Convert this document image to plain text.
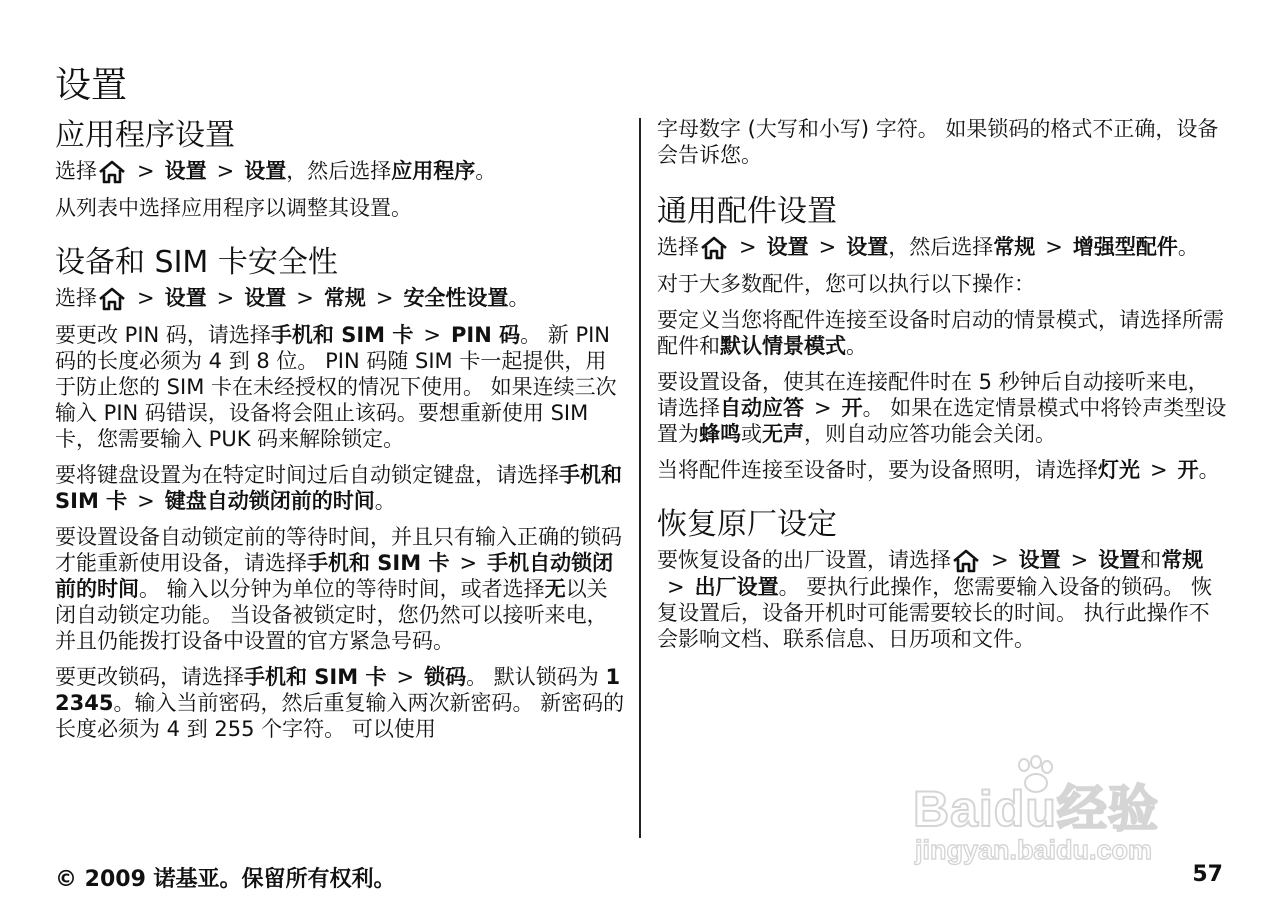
设置
应用程序设置

选择 > 设置 > 设置，然后选择应用程序。

从列表中选择应用程序以调整其设置。

设备和 SIM 卡安全性

选择 > 设置 > 设置 > 常规 > 安全性设置。

要更改 PIN 码，请选择手机和 SIM 卡 > PIN 码。 新 PIN 码的长度必须为 4 到 8 位。 PIN 码随 SIM 卡一起提供，用于防止您的 SIM 卡在未经授权的情况下使用。 如果连续三次输入 PIN 码错误，设备将会阻止该码。要想重新使用 SIM 卡，您需要输入 PUK 码来解除锁定。

要将键盘设置为在特定时间过后自动锁定键盘，请选择手机和 SIM 卡 > 键盘自动锁闭前的时间。

要设置设备自动锁定前的等待时间，并且只有输入正确的锁码才能重新使用设备，请选择手机和 SIM 卡 > 手机自动锁闭前的时间。 输入以分钟为单位的等待时间，或者选择无以关闭自动锁定功能。 当设备被锁定时，您仍然可以接听来电，并且仍能拨打设备中设置的官方紧急号码。

要更改锁码，请选择手机和 SIM 卡 > 锁码。 默认锁码为 12345。输入当前密码，然后重复输入两次新密码。 新密码的长度必须为 4 到 255 个字符。 可以使用

字母数字 (大写和小写) 字符。 如果锁码的格式不正确，设备会告诉您。

通用配件设置

选择 > 设置 > 设置，然后选择常规 > 增强型配件。

对于大多数配件，您可以执行以下操作：

要定义当您将配件连接至设备时启动的情景模式，请选择所需配件和默认情景模式。

要设置设备，使其在连接配件时在 5 秒钟后自动接听来电，请选择自动应答 > 开。 如果在选定情景模式中将铃声类型设置为蜂鸣或无声，则自动应答功能会关闭。

当将配件连接至设备时，要为设备照明，请选择灯光 > 开。

恢复原厂设定

要恢复设备的出厂设置，请选择 > 设置 > 设置和常规> 出厂设置。 要执行此操作，您需要输入设备的锁码。 恢复设置后，设备开机时可能需要较长的时间。 执行此操作不会影响文档、联系信息、日历项和文件。

Baidu经验
jingyan.baidu.com
© 2009 诺基亚。保留所有权利。	57
